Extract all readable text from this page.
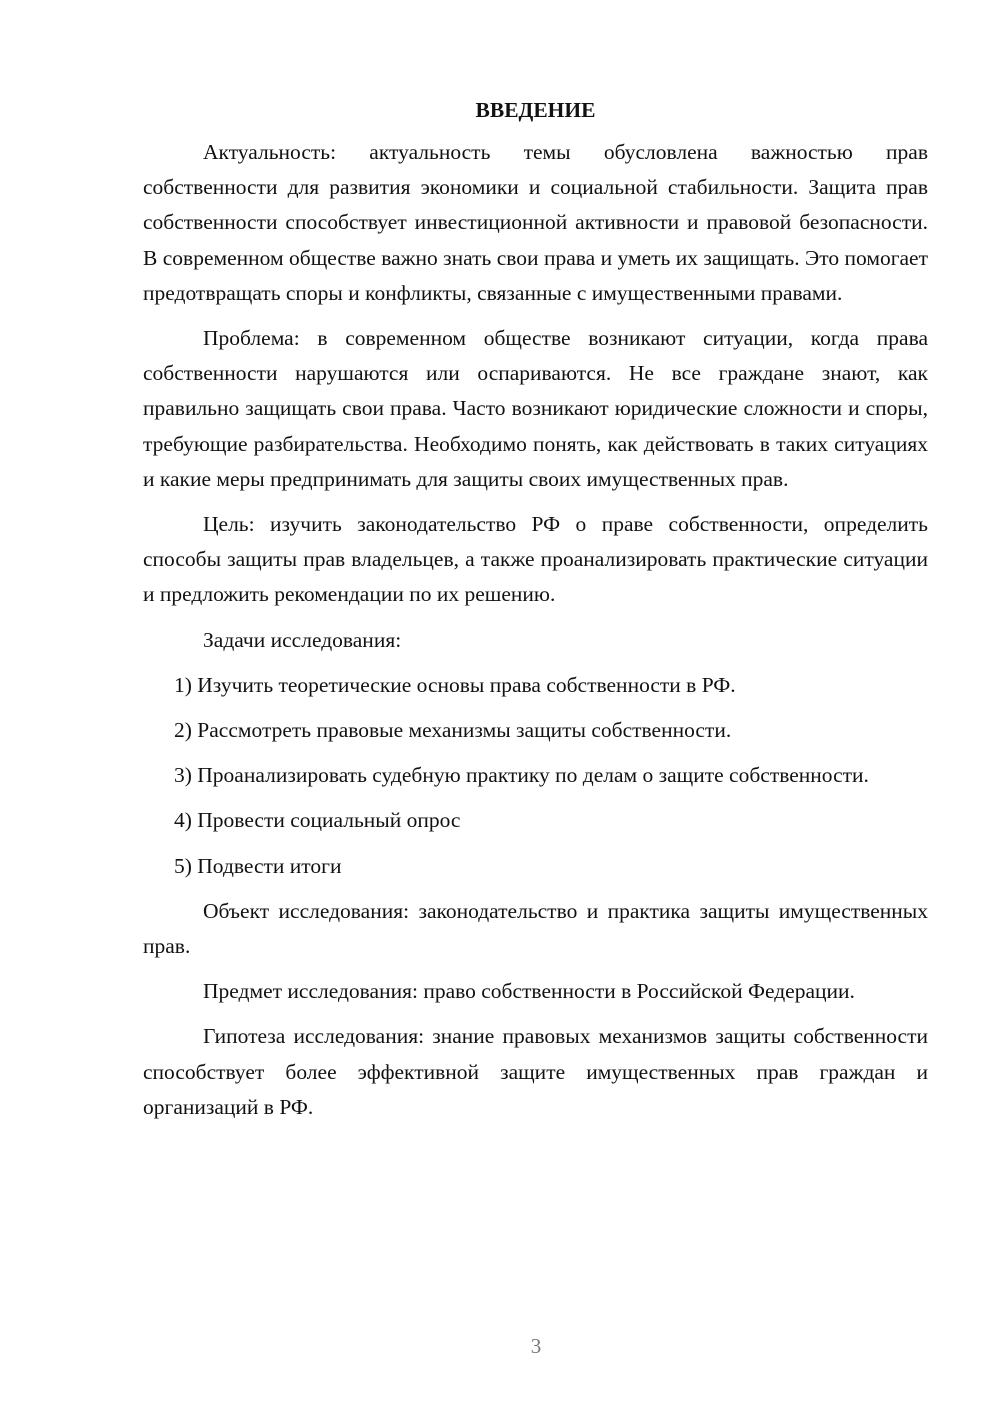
ВВЕДЕНИЕ

Актуальность: актуальность темы обусловлена важностью прав собственности для развития экономики и социальной стабильности. Защита прав собственности способствует инвестиционной активности и правовой безопасности. В современном обществе важно знать свои права и уметь их защищать. Это помогает предотвращать споры и конфликты, связанные с имущественными правами.

Проблема: в современном обществе возникают ситуации, когда права собственности нарушаются или оспариваются. Не все граждане знают, как правильно защищать свои права. Часто возникают юридические сложности и споры, требующие разбирательства. Необходимо понять, как действовать в таких ситуациях и какие меры предпринимать для защиты своих имущественных прав.

Цель: изучить законодательство РФ о праве собственности, определить способы защиты прав владельцев, а также проанализировать практические ситуации и предложить рекомендации по их решению.

Задачи исследования:

1) Изучить теоретические основы права собственности в РФ.

2) Рассмотреть правовые механизмы защиты собственности.

3) Проанализировать судебную практику по делам о защите собственности.

4) Провести социальный опрос

5) Подвести итоги

Объект исследования: законодательство и практика защиты имущественных прав.

Предмет исследования: право собственности в Российской Федерации.

Гипотеза исследования: знание правовых механизмов защиты собственности способствует более эффективной защите имущественных прав граждан и организаций в РФ.

3
